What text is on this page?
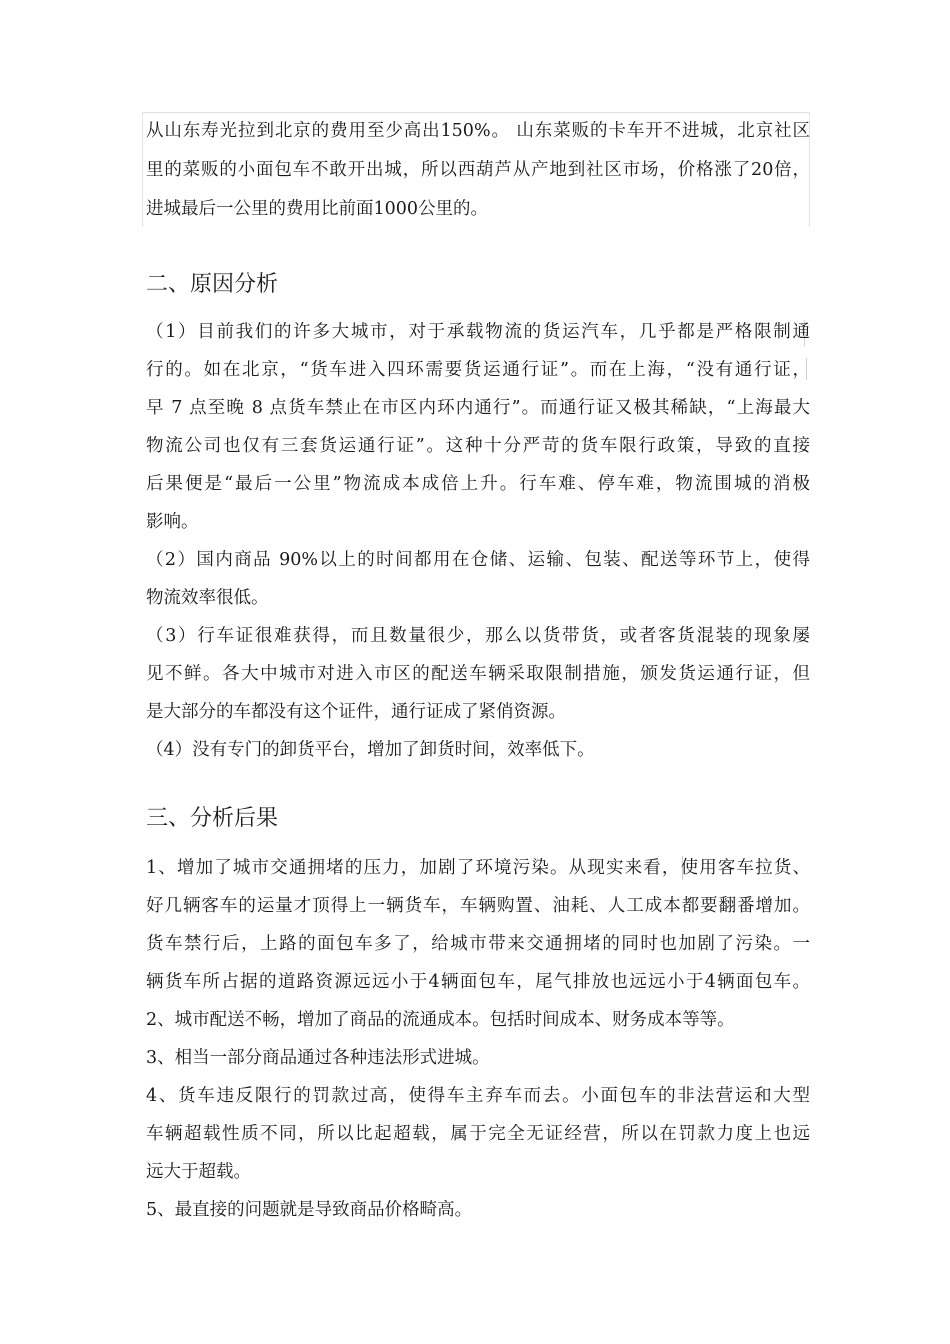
从山东寿光拉到北京的费用至少高出150%。 山东菜贩的卡车开不进城，北京社区
里的菜贩的小面包车不敢开出城，所以西葫芦从产地到社区市场，价格涨了20倍，
进城最后一公里的费用比前面1000公里的。
二、原因分析
（1）目前我们的许多大城市，对于承载物流的货运汽车，几乎都是严格限制通
行的。如在北京，“货车进入四环需要货运通行证”。而在上海，“没有通行证，
早 7 点至晚 8 点货车禁止在市区内环内通行”。而通行证又极其稀缺，“上海最大
物流公司也仅有三套货运通行证”。这种十分严苛的货车限行政策，导致的直接
后果便是“最后一公里”物流成本成倍上升。行车难、停车难，物流围城的消极
影响。
（2）国内商品 90%以上的时间都用在仓储、运输、包装、配送等环节上，使得
物流效率很低。
（3）行车证很难获得，而且数量很少，那么以货带货，或者客货混装的现象屡
见不鲜。各大中城市对进入市区的配送车辆采取限制措施，颁发货运通行证，但
是大部分的车都没有这个证件，通行证成了紧俏资源。
（4）没有专门的卸货平台，增加了卸货时间，效率低下。
三、分析后果
1、增加了城市交通拥堵的压力，加剧了环境污染。从现实来看，使用客车拉货、
好几辆客车的运量才顶得上一辆货车，车辆购置、油耗、人工成本都要翻番增加。
货车禁行后，上路的面包车多了，给城市带来交通拥堵的同时也加剧了污染。一
辆货车所占据的道路资源远远小于4辆面包车，尾气排放也远远小于4辆面包车。
2、城市配送不畅，增加了商品的流通成本。包括时间成本、财务成本等等。
3、相当一部分商品通过各种违法形式进城。
4、货车违反限行的罚款过高，使得车主弃车而去。小面包车的非法营运和大型
车辆超载性质不同，所以比起超载，属于完全无证经营，所以在罚款力度上也远
远大于超载。
5、最直接的问题就是导致商品价格畸高。
